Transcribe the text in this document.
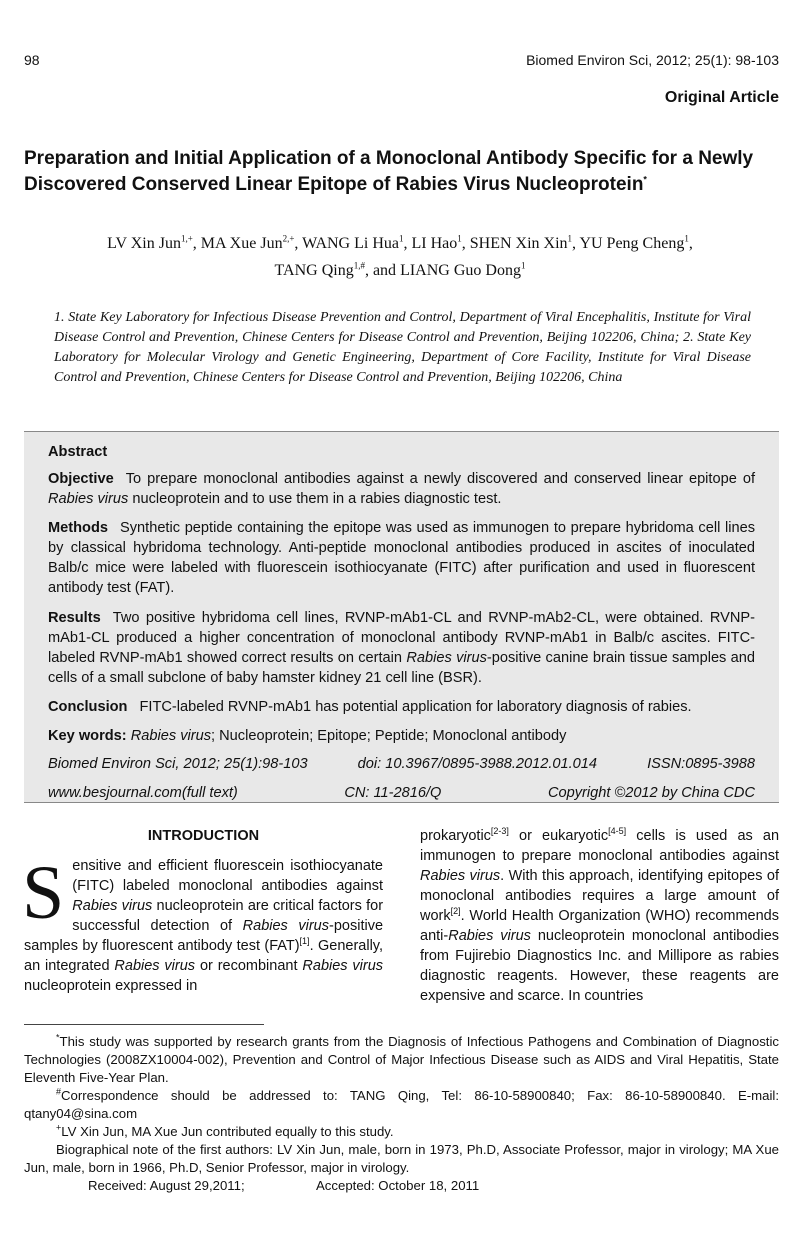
98	Biomed Environ Sci, 2012; 25(1): 98-103
Original Article
Preparation and Initial Application of a Monoclonal Antibody Specific for a Newly Discovered Conserved Linear Epitope of Rabies Virus Nucleoprotein*
LV Xin Jun$^{1,+}$, MA Xue Jun$^{2,+}$, WANG Li Hua$^1$, LI Hao$^1$, SHEN Xin Xin$^1$, YU Peng Cheng$^1$,
TANG Qing$^{1,\#}$, and LIANG Guo Dong$^1$
1. State Key Laboratory for Infectious Disease Prevention and Control, Department of Viral Encephalitis, Institute for Viral Disease Control and Prevention, Chinese Centers for Disease Control and Prevention, Beijing 102206, China; 2. State Key Laboratory for Molecular Virology and Genetic Engineering, Department of Core Facility, Institute for Viral Disease Control and Prevention, Chinese Centers for Disease Control and Prevention, Beijing 102206, China
Abstract
Objective To prepare monoclonal antibodies against a newly discovered and conserved linear epitope of Rabies virus nucleoprotein and to use them in a rabies diagnostic test.
Methods Synthetic peptide containing the epitope was used as immunogen to prepare hybridoma cell lines by classical hybridoma technology. Anti-peptide monoclonal antibodies produced in ascites of inoculated Balb/c mice were labeled with fluorescein isothiocyanate (FITC) after purification and used in fluorescent antibody test (FAT).
Results Two positive hybridoma cell lines, RVNP-mAb1-CL and RVNP-mAb2-CL, were obtained. RVNP-mAb1-CL produced a higher concentration of monoclonal antibody RVNP-mAb1 in Balb/c ascites. FITC-labeled RVNP-mAb1 showed correct results on certain Rabies virus-positive canine brain tissue samples and cells of a small subclone of baby hamster kidney 21 cell line (BSR).
Conclusion FITC-labeled RVNP-mAb1 has potential application for laboratory diagnosis of rabies.
Key words: Rabies virus; Nucleoprotein; Epitope; Peptide; Monoclonal antibody
Biomed Environ Sci, 2012; 25(1):98-103	doi: 10.3967/0895-3988.2012.01.014	ISSN:0895-3988
www.besjournal.com(full text)	CN: 11-2816/Q	Copyright ©2012 by China CDC
INTRODUCTION
S ensitive and efficient fluorescein isothiocyanate (FITC) labeled monoclonal antibodies against Rabies virus nucleoprotein are critical factors for successful detection of Rabies virus-positive samples by fluorescent antibody test (FAT)[1]. Generally, an integrated Rabies virus or recombinant Rabies virus nucleoprotein expressed in
prokaryotic[2-3] or eukaryotic[4-5] cells is used as an immunogen to prepare monoclonal antibodies against Rabies virus. With this approach, identifying epitopes of monoclonal antibodies requires a large amount of work[2]. World Health Organization (WHO) recommends anti-Rabies virus nucleoprotein monoclonal antibodies from Fujirebio Diagnostics Inc. and Millipore as rabies diagnostic reagents. However, these reagents are expensive and scarce. In countries

*This study was supported by research grants from the Diagnosis of Infectious Pathogens and Combination of Diagnostic Technologies (2008ZX10004-002), Prevention and Control of Major Infectious Disease such as AIDS and Viral Hepatitis, State Eleventh Five-Year Plan.

#Correspondence should be addressed to: TANG Qing, Tel: 86-10-58900840; Fax: 86-10-58900840. E-mail: qtany04@sina.com

+LV Xin Jun, MA Xue Jun contributed equally to this study.

Biographical note of the first authors: LV Xin Jun, male, born in 1973, Ph.D, Associate Professor, major in virology; MA Xue Jun, male, born in 1966, Ph.D, Senior Professor, major in virology.

Received: August 29,2011;	Accepted: October 18, 2011
